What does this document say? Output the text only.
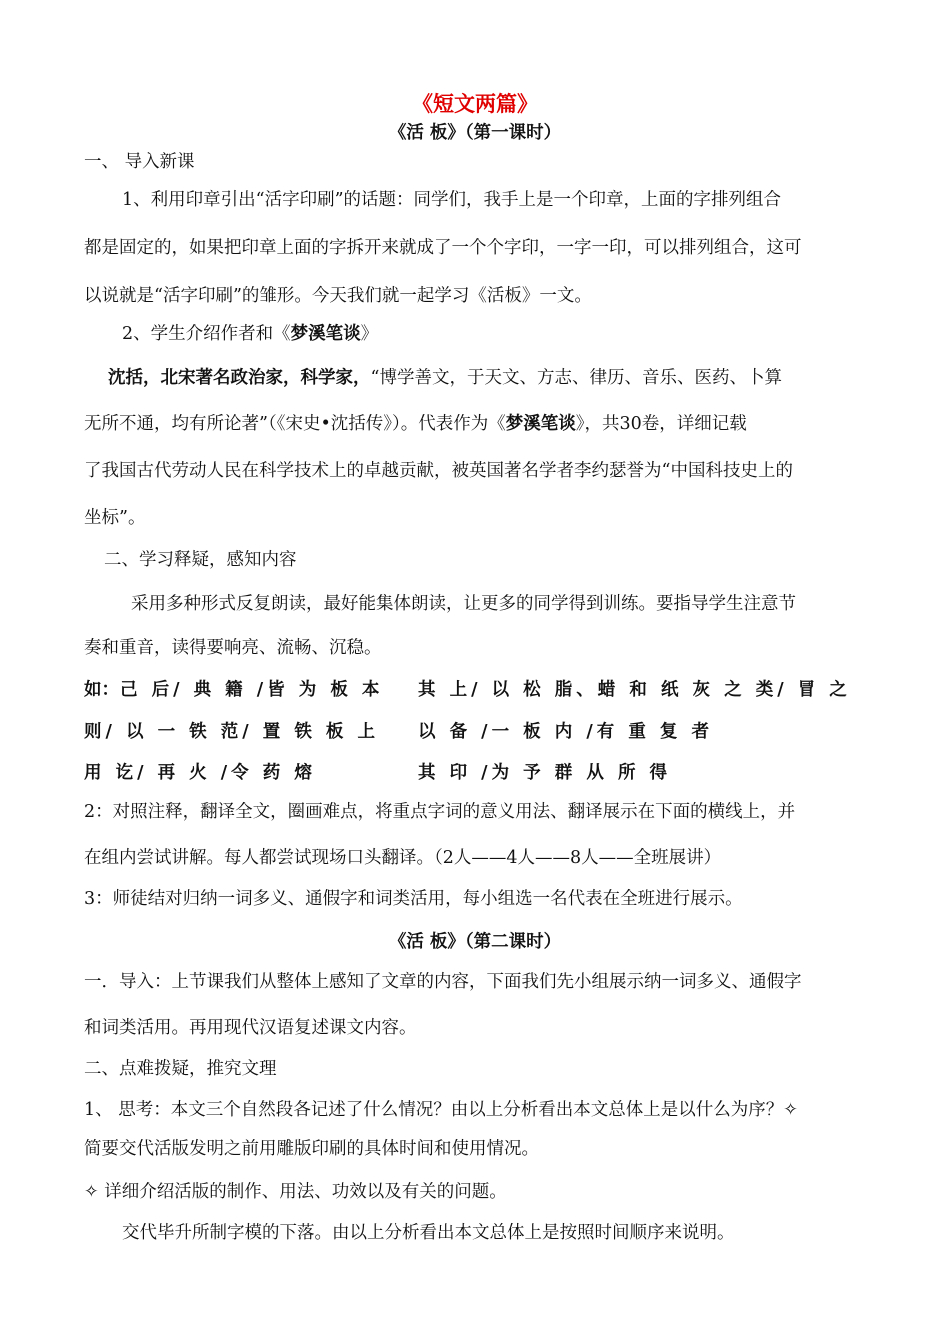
《短文两篇》
《活 板》（第一课时）
一、 导入新课
1、利用印章引出“活字印刷”的话题：同学们，我手上是一个印章，上面的字排列组合
都是固定的，如果把印章上面的字拆开来就成了一个个字印，一字一印，可以排列组合，这可
以说就是“活字印刷”的雏形。今天我们就一起学习《活板》一文。
2、学生介绍作者和《梦溪笔谈》
沈括，北宋著名政治家，科学家，“博学善文，于天文、方志、律历、音乐、医药、卜算
无所不通，均有所论著”（《宋史•沈括传》）。代表作为《梦溪笔谈》，共30卷，详细记载
了我国古代劳动人民在科学技术上的卓越贡献，被英国著名学者李约瑟誉为“中国科技史上的
坐标”。
二、学习释疑，感知内容
采用多种形式反复朗读，最好能集体朗读，让更多的同学得到训练。要指导学生注意节
奏和重音，读得要响亮、流畅、沉稳。
如： 己 后/ 典 籍 /皆 为 板 本 其 上/ 以 松 脂、蜡 和 纸 灰 之 类/ 冒 之
则/ 以 一 铁 范/ 置 铁 板 上 以 备 /一 板 内 /有 重 复 者
用 讫/ 再 火 /令 药 熔	其 印 /为 予 群 从 所 得
2：对照注释，翻译全文，圈画难点，将重点字词的意义用法、翻译展示在下面的横线上，并
在组内尝试讲解。每人都尝试现场口头翻译。（2人——4人——8人——全班展讲）
3：师徒结对归纳一词多义、通假字和词类活用，每小组选一名代表在全班进行展示。
《活 板》（第二课时）
一．导入：上节课我们从整体上感知了文章的内容，下面我们先小组展示纳一词多义、通假字
和词类活用。再用现代汉语复述课文内容。
二、点难拨疑，推究文理
1、 思考：本文三个自然段各记述了什么情况？由以上分析看出本文总体上是以什么为序？✧
简要交代活版发明之前用雕版印刷的具体时间和使用情况。
✧ 详细介绍活版的制作、用法、功效以及有关的问题。
交代毕升所制字模的下落。由以上分析看出本文总体上是按照时间顺序来说明。
